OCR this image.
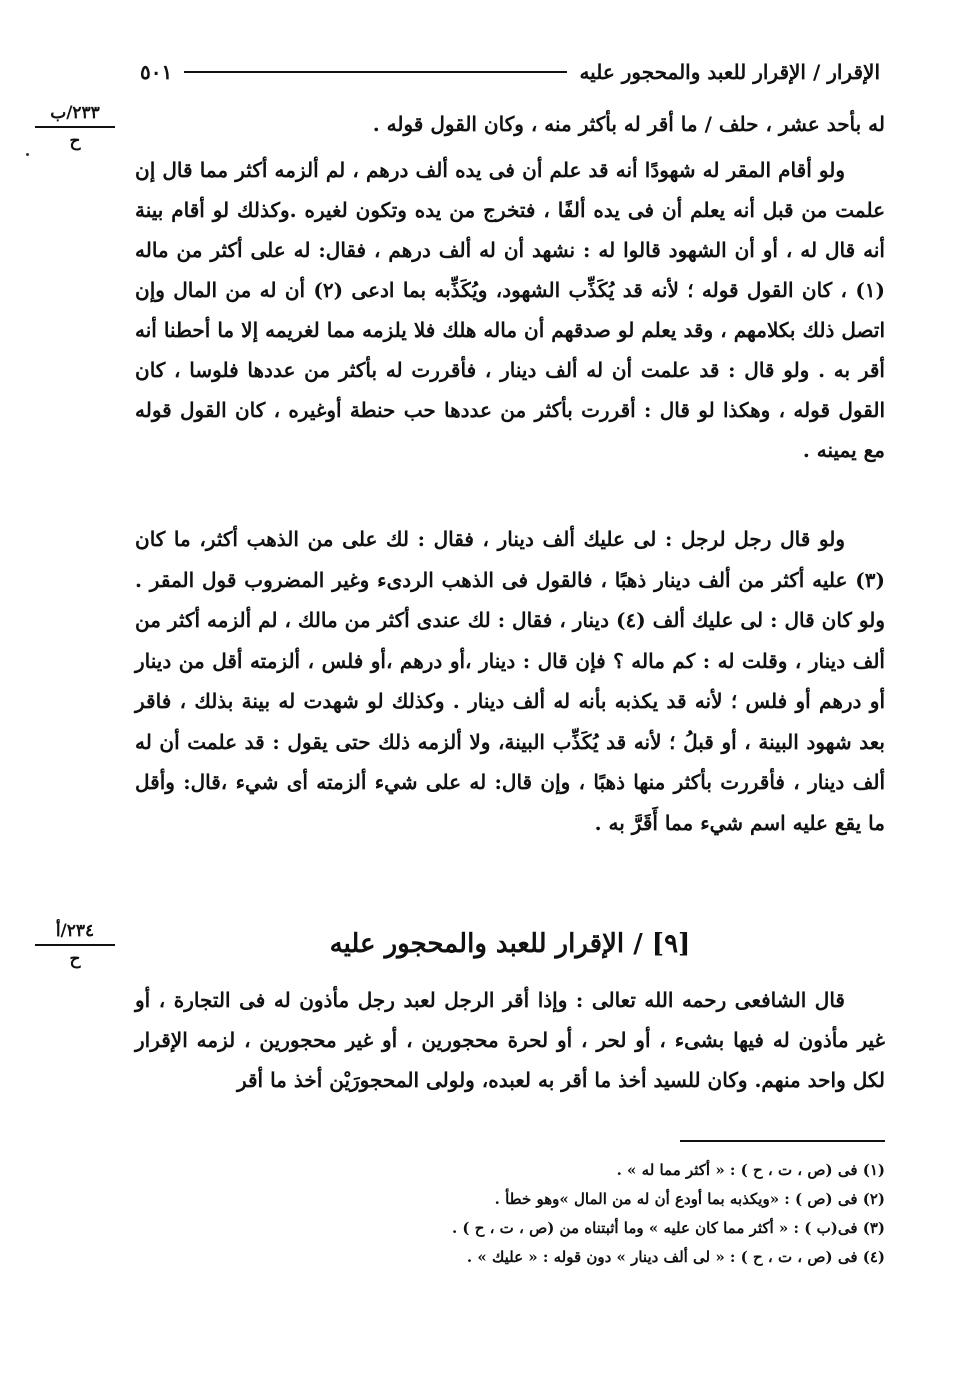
الإقرار / الإقرار للعبد والمحجور عليه
٥٠١
٢٣٣/ب
ح
٢٣٤/أ
ح

له بأحد عشر ، حلف / ما أقر له بأكثر منه ، وكان القول قوله .

ولو أقام المقر له شهودًا أنه قد علم أن فى يده ألف درهم ، لم ألزمه أكثر مما قال إن علمت من قبل أنه يعلم أن فى يده ألفًا ، فتخرج من يده وتكون لغيره .وكذلك لو أقام بينة أنه قال له ، أو أن الشهود قالوا له : نشهد أن له ألف درهم ، فقال: له على أكثر من ماله (١) ، كان القول قوله ؛ لأنه قد يُكَذِّب الشهود، ويُكَذِّبه بما ادعى (٢) أن له من المال وإن اتصل ذلك بكلامهم ، وقد يعلم لو صدقهم أن ماله هلك فلا يلزمه مما لغريمه إلا ما أحطنا أنه أقر به . ولو قال : قد علمت أن له ألف دينار ، فأقررت له بأكثر من عددها فلوسا ، كان القول قوله ، وهكذا لو قال : أقررت بأكثر من عددها حب حنطة أوغيره ، كان القول قوله مع يمينه .

ولو قال رجل لرجل : لى عليك ألف دينار ، فقال : لك على من الذهب أكثر، ما كان (٣) عليه أكثر من ألف دينار ذهبًا ، فالقول فى الذهب الردىء وغير المضروب قول المقر . ولو كان قال : لى عليك ألف (٤) دينار ، فقال : لك عندى أكثر من مالك ، لم ألزمه أكثر من ألف دينار ، وقلت له : كم ماله ؟ فإن قال : دينار ،أو درهم ،أو فلس ، ألزمته أقل من دينار أو درهم أو فلس ؛ لأنه قد يكذبه بأنه له ألف دينار . وكذلك لو شهدت له بينة بذلك ، فاقر بعد شهود البينة ، أو قبلُ ؛ لأنه قد يُكَذِّب البينة، ولا ألزمه ذلك حتى يقول : قد علمت أن له ألف دينار ، فأقررت بأكثر منها ذهبًا ، وإن قال: له على شيء ألزمته أى شيء ،قال: وأقل ما يقع عليه اسم شيء مما أَقَرَّ به .

[٩] / الإقرار للعبد والمحجور عليه

قال الشافعى رحمه الله تعالى : وإذا أقر الرجل لعبد رجل مأذون له فى التجارة ، أو غير مأذون له فيها بشىء ، أو لحر ، أو لحرة محجورين ، أو غير محجورين ، لزمه الإقرار لكل واحد منهم. وكان للسيد أخذ ما أقر به لعبده، ولولى المحجورَيْن أخذ ما أقر

(١) فى (ص ، ت ، ح ) : « أكثر مما له » .
(٢) فى (ص ) : «ويكذبه بما أودع أن له من المال »وهو خطأ .
(٣) فى(ب ) : « أكثر مما كان عليه » وما أثبتناه من (ص ، ت ، ح ) .
(٤) فى (ص ، ت ، ح ) : « لى ألف دينار » دون قوله : « عليك » .
